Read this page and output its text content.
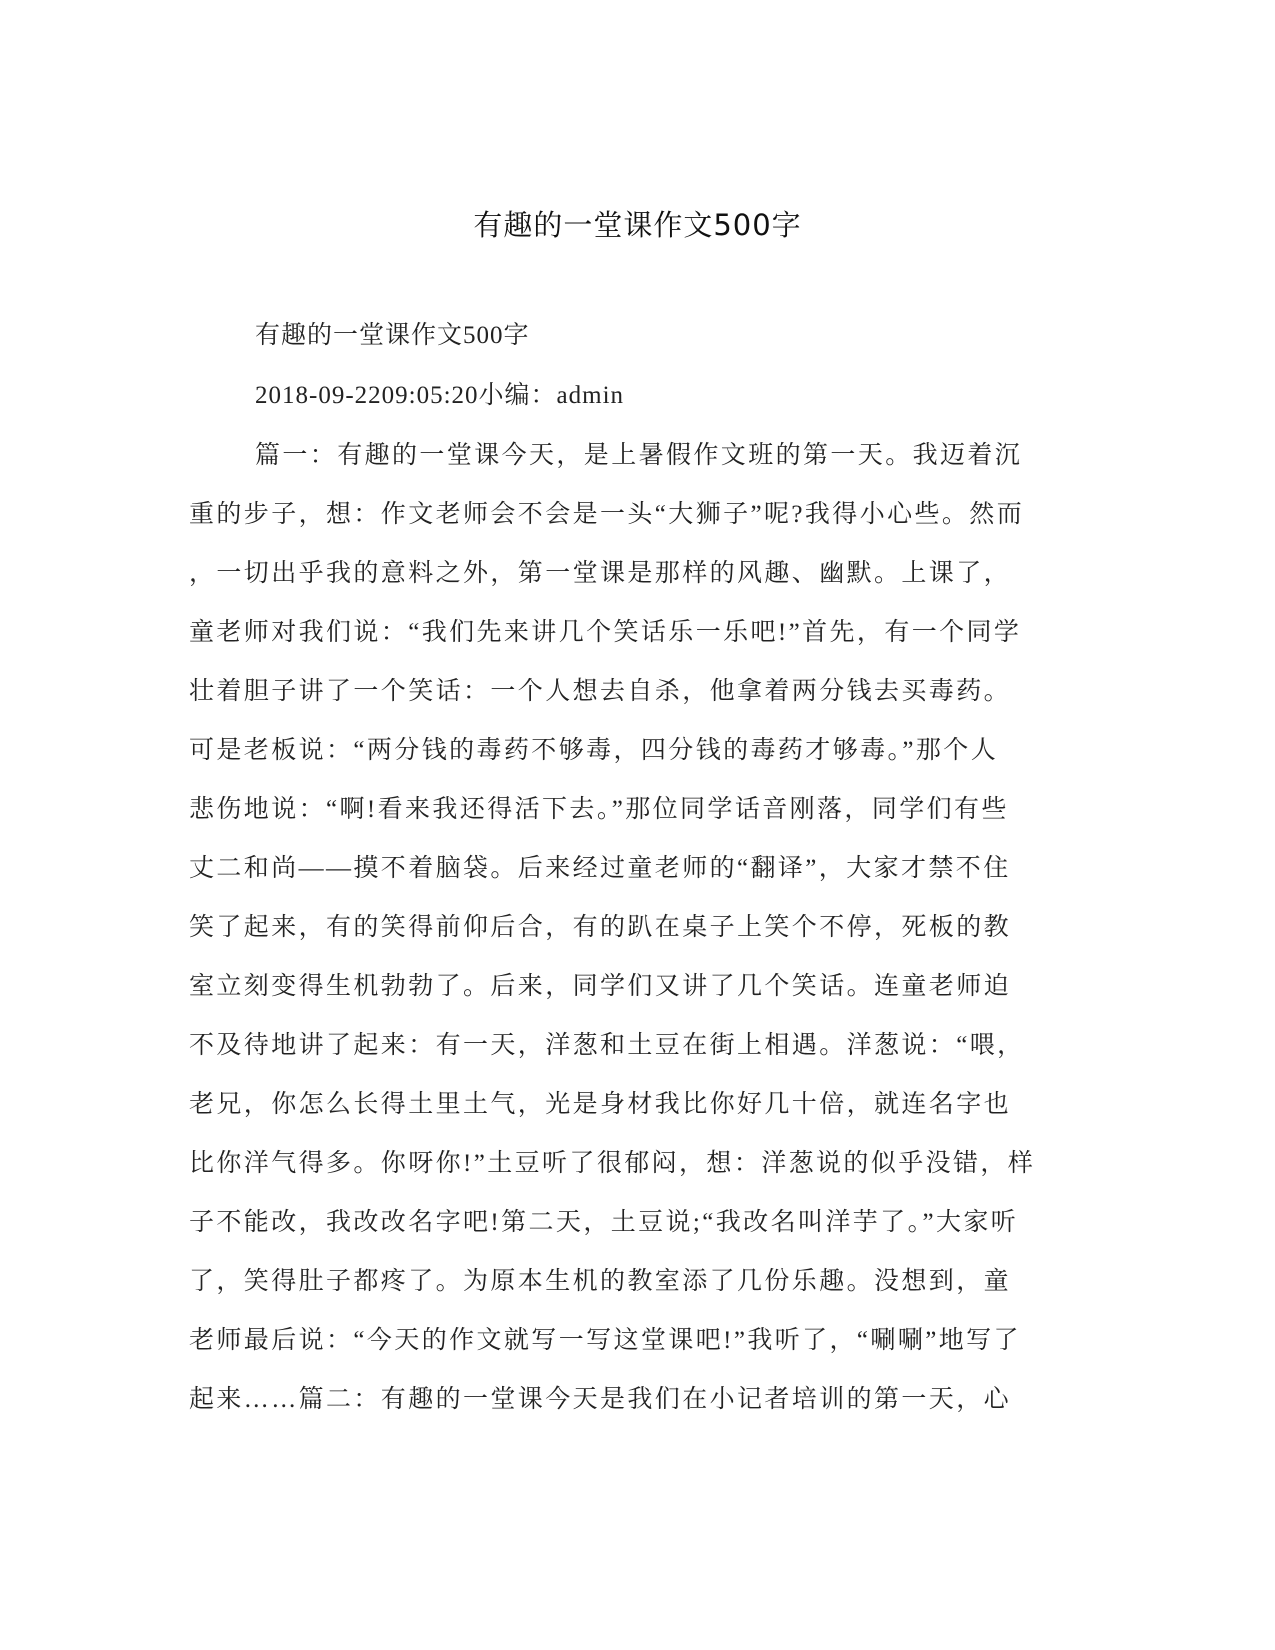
有趣的一堂课作文500字
有趣的一堂课作文500字
2018-09-2209:05:20小编：admin
篇一：有趣的一堂课今天，是上暑假作文班的第一天。我迈着沉
重的步子，想：作文老师会不会是一头“大狮子”呢?我得小心些。然而
，一切出乎我的意料之外，第一堂课是那样的风趣、幽默。上课了，
童老师对我们说：“我们先来讲几个笑话乐一乐吧!”首先，有一个同学
壮着胆子讲了一个笑话：一个人想去自杀，他拿着两分钱去买毒药。
可是老板说：“两分钱的毒药不够毒，四分钱的毒药才够毒。”那个人
悲伤地说：“啊!看来我还得活下去。”那位同学话音刚落，同学们有些
丈二和尚——摸不着脑袋。后来经过童老师的“翻译”，大家才禁不住
笑了起来，有的笑得前仰后合，有的趴在桌子上笑个不停，死板的教
室立刻变得生机勃勃了。后来，同学们又讲了几个笑话。连童老师迫
不及待地讲了起来：有一天，洋葱和土豆在街上相遇。洋葱说：“喂，
老兄，你怎么长得土里土气，光是身材我比你好几十倍，就连名字也
比你洋气得多。你呀你!”土豆听了很郁闷，想：洋葱说的似乎没错，样
子不能改，我改改名字吧!第二天，土豆说;“我改名叫洋芋了。”大家听
了，笑得肚子都疼了。为原本生机的教室添了几份乐趣。没想到，童
老师最后说：“今天的作文就写一写这堂课吧!”我听了，“唰唰”地写了
起来……篇二：有趣的一堂课今天是我们在小记者培训的第一天，心
